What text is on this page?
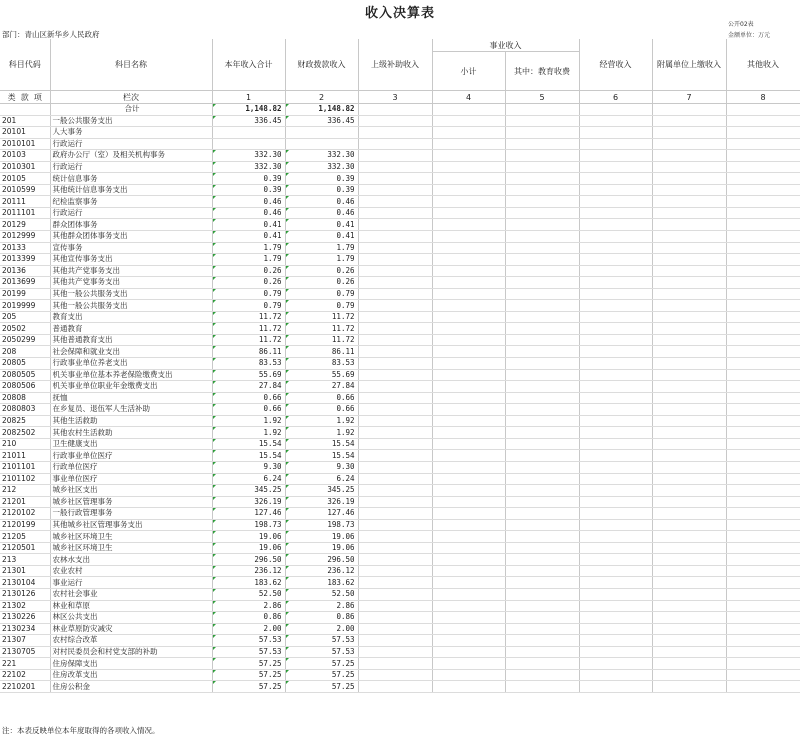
收入决算表
公开02表
金额单位：万元
部门：青山区新华乡人民政府
科目代码	科目名称	本年收入合计	财政拨款收入	上级补助收入	事业收入		经营收入	附属单位上缴收入	其他收入
					小计	其中：教育收费			
类 款 项	栏次	1	2	3	4	5	6	7	8
	合计	1,148.82	1,148.82						
201	一般公共服务支出	336.45	336.45						
20101	人大事务								
2010101	行政运行								
20103	政府办公厅（室）及相关机构事务	332.30	332.30						
2010301	行政运行	332.30	332.30						
20105	统计信息事务	0.39	0.39						
2010599	其他统计信息事务支出	0.39	0.39						
20111	纪检监察事务	0.46	0.46						
2011101	行政运行	0.46	0.46						
20129	群众团体事务	0.41	0.41						
2012999	其他群众团体事务支出	0.41	0.41						
20133	宣传事务	1.79	1.79						
2013399	其他宣传事务支出	1.79	1.79						
20136	其他共产党事务支出	0.26	0.26						
2013699	其他共产党事务支出	0.26	0.26						
20199	其他一般公共服务支出	0.79	0.79						
2019999	其他一般公共服务支出	0.79	0.79						
205	教育支出	11.72	11.72						
20502	普通教育	11.72	11.72						
2050299	其他普通教育支出	11.72	11.72						
208	社会保障和就业支出	86.11	86.11						
20805	行政事业单位养老支出	83.53	83.53						
2080505	机关事业单位基本养老保险缴费支出	55.69	55.69						
2080506	机关事业单位职业年金缴费支出	27.84	27.84						
20808	抚恤	0.66	0.66						
2080803	在乡复员、退伍军人生活补助	0.66	0.66						
20825	其他生活救助	1.92	1.92						
2082502	其他农村生活救助	1.92	1.92						
210	卫生健康支出	15.54	15.54						
21011	行政事业单位医疗	15.54	15.54						
2101101	行政单位医疗	9.30	9.30						
2101102	事业单位医疗	6.24	6.24						
212	城乡社区支出	345.25	345.25						
21201	城乡社区管理事务	326.19	326.19						
2120102	一般行政管理事务	127.46	127.46						
2120199	其他城乡社区管理事务支出	198.73	198.73						
21205	城乡社区环境卫生	19.06	19.06						
2120501	城乡社区环境卫生	19.06	19.06						
213	农林水支出	296.50	296.50						
21301	农业农村	236.12	236.12						
2130104	事业运行	183.62	183.62						
2130126	农村社会事业	52.50	52.50						
21302	林业和草原	2.86	2.86						
2130226	林区公共支出	0.86	0.86						
2130234	林业草原防灾减灾	2.00	2.00						
21307	农村综合改革	57.53	57.53						
2130705	对村民委员会和村党支部的补助	57.53	57.53						
221	住房保障支出	57.25	57.25						
22102	住房改革支出	57.25	57.25						
2210201	住房公积金	57.25	57.25						
注：本表反映单位本年度取得的各项收入情况。
